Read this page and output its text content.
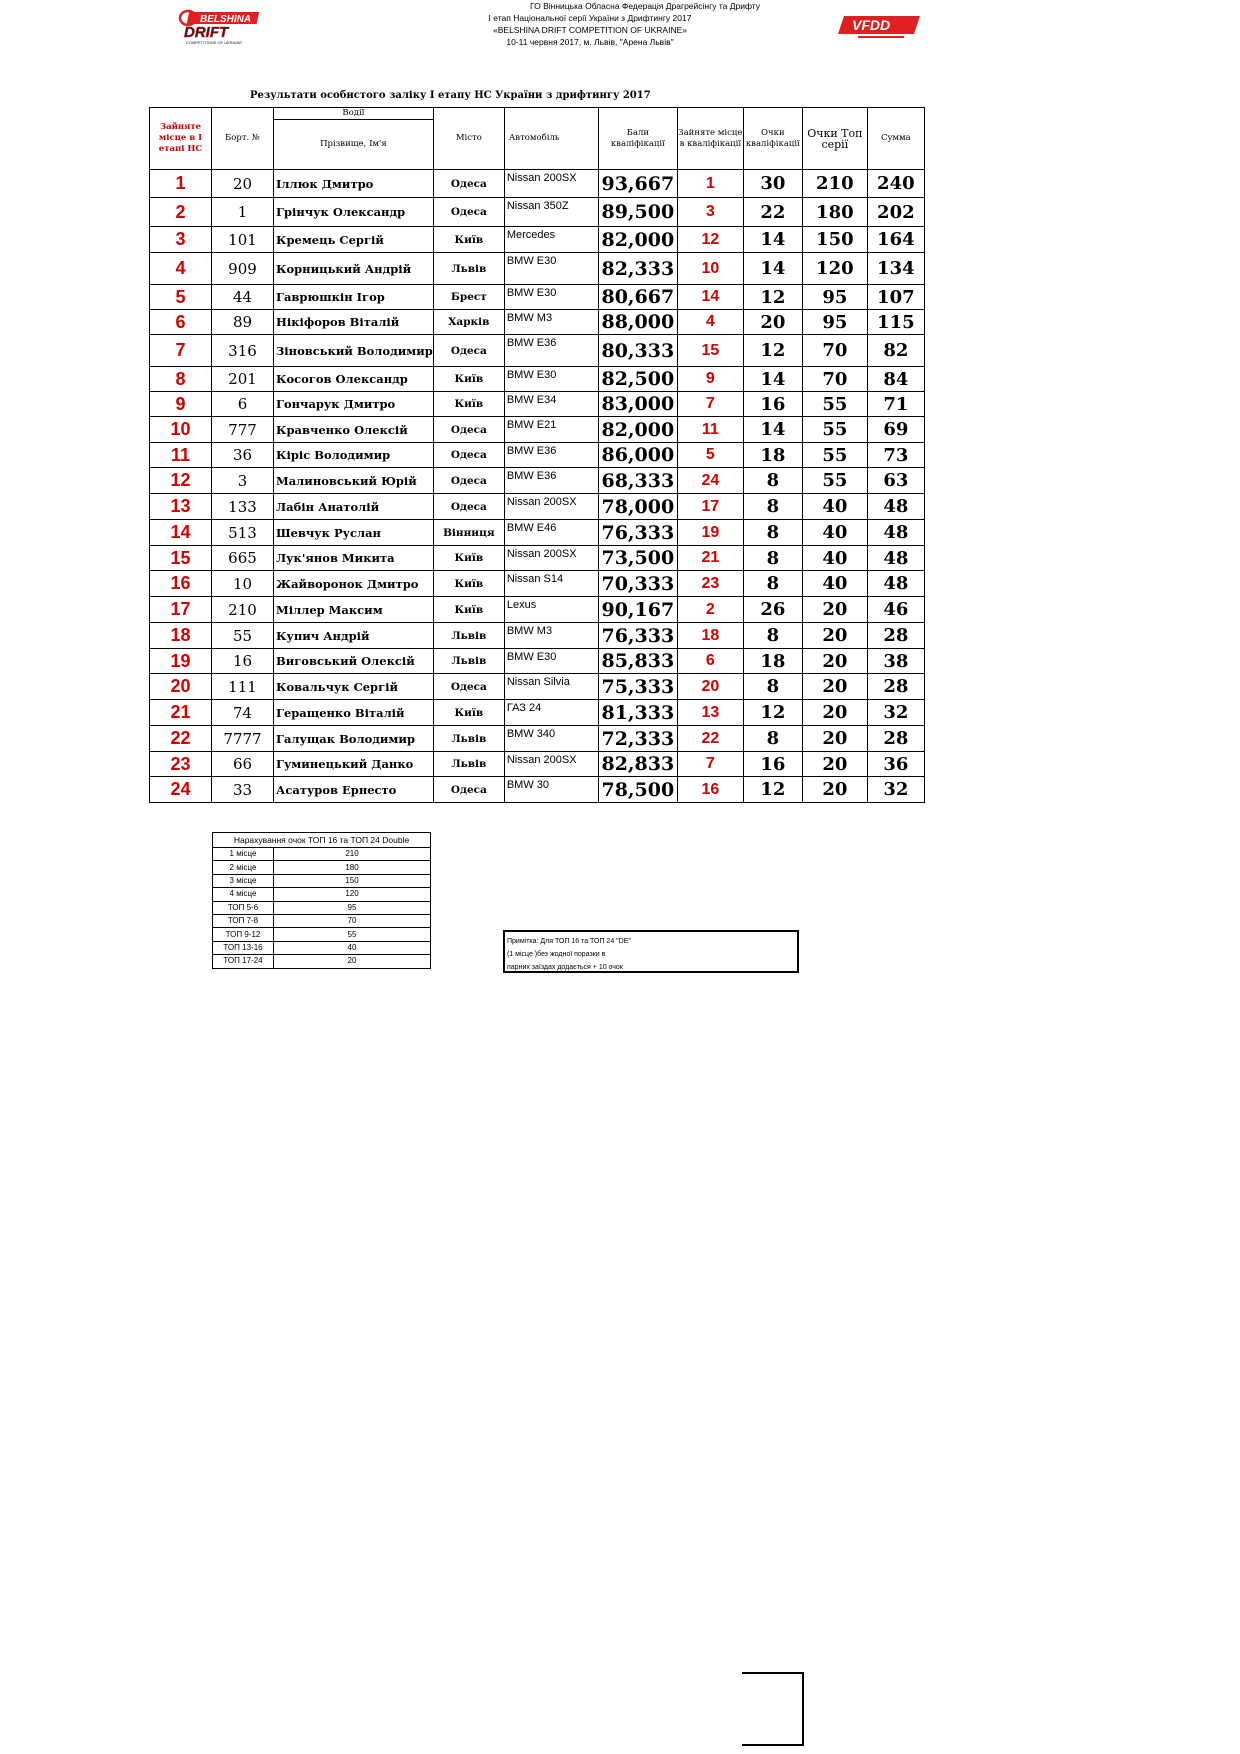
BELSHINA
DRIFT
COMPETITIONS OF UKRAINE
VFDD
ГО Вінницька Обласна Федерація Драгрейсінгу та Дрифту
І етап Національної серії України з Дрифтингу 2017
«BELSHINA DRIFT COMPETITION OF UKRAINE»
10-11 червня 2017, м. Львів, "Арена Львів"
Результати особистого заліку І етапу НС України з дрифтингу 2017
Зайняте місце в І етапі НС	Борт. №	Водії	Місто	Автомобіль	Бали кваліфікації	Зайняте місце в кваліфікації	Очки кваліфікації	Очки Топ серії	Сумма
		Прізвище, Ім'я							
1	20	Іллюк Дмитро	Одеса	Nissan 200SX	93,667	1	30	210	240
2	1	Грінчук Олександр	Одеса	Nissan 350Z	89,500	3	22	180	202
3	101	Кремець Сергій	Київ	Mercedes	82,000	12	14	150	164
4	909	Корницький Андрій	Львів	BMW E30	82,333	10	14	120	134
5	44	Гаврюшкін Ігор	Брест	BMW E30	80,667	14	12	95	107
6	89	Нікіфоров Віталій	Харків	BMW M3	88,000	4	20	95	115
7	316	Зіновський Володимир	Одеса	BMW E36	80,333	15	12	70	82
8	201	Косогов Олександр	Київ	BMW E30	82,500	9	14	70	84
9	6	Гончарук Дмитро	Київ	BMW E34	83,000	7	16	55	71
10	777	Кравченко Олексій	Одеса	BMW E21	82,000	11	14	55	69
11	36	Кіріс Володимир	Одеса	BMW E36	86,000	5	18	55	73
12	3	Малиновський Юрій	Одеса	BMW E36	68,333	24	8	55	63
13	133	Лабін Анатолій	Одеса	Nissan 200SX	78,000	17	8	40	48
14	513	Шевчук Руслан	Вінниця	BMW E46	76,333	19	8	40	48
15	665	Лук'янов Микита	Київ	Nissan 200SX	73,500	21	8	40	48
16	10	Жайворонок Дмитро	Київ	Nissan S14	70,333	23	8	40	48
17	210	Міллер Максим	Київ	Lexus	90,167	2	26	20	46
18	55	Купич Андрій	Львів	BMW M3	76,333	18	8	20	28
19	16	Виговський Олексій	Львів	BMW E30	85,833	6	18	20	38
20	111	Ковальчук Сергій	Одеса	Nissan Silvia	75,333	20	8	20	28
21	74	Геращенко Віталій	Київ	ГАЗ 24	81,333	13	12	20	32
22	7777	Галущак Володимир	Львів	BMW 340	72,333	22	8	20	28
23	66	Гуминецький Данко	Львів	Nissan 200SX	82,833	7	16	20	36
24	33	Асатуров Ернесто	Одеса	BMW 30	78,500	16	12	20	32
Нарахування очок ТОП 16 та ТОП 24 Double	
1 місце	210
2 місце	180
3 місце	150
4 місце	120
ТОП 5-6	95
ТОП 7-8	70
ТОП 9-12	55
ТОП 13-16	40
ТОП 17-24	20
Примітка: Для ТОП 16 та ТОП 24 "DE"
(1 місце )без жодної поразки в
парних заїздах додається + 10 очок
